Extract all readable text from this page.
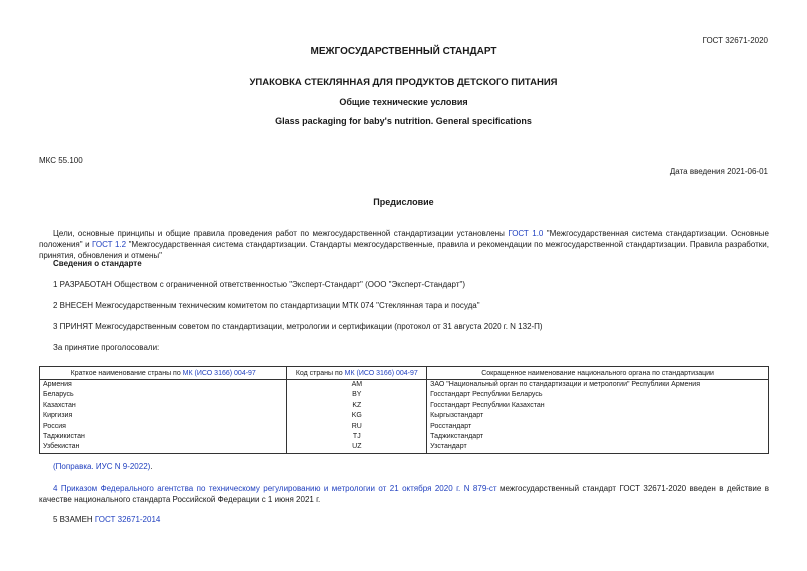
ГОСТ 32671-2020
МЕЖГОСУДАРСТВЕННЫЙ СТАНДАРТ
УПАКОВКА СТЕКЛЯННАЯ ДЛЯ ПРОДУКТОВ ДЕТСКОГО ПИТАНИЯ
Общие технические условия
Glass packaging for baby's nutrition. General specifications
МКС 55.100
Дата введения 2021-06-01
Предисловие
Цели, основные принципы и общие правила проведения работ по межгосударственной стандартизации установлены ГОСТ 1.0 "Межгосударственная система стандартизации. Основные положения" и ГОСТ 1.2 "Межгосударственная система стандартизации. Стандарты межгосударственные, правила и рекомендации по межгосударственной стандартизации. Правила разработки, принятия, обновления и отмены"
Сведения о стандарте
1 РАЗРАБОТАН Обществом с ограниченной ответственностью "Эксперт-Стандарт" (ООО "Эксперт-Стандарт")
2 ВНЕСЕН Межгосударственным техническим комитетом по стандартизации МТК 074 "Стеклянная тара и посуда"
3 ПРИНЯТ Межгосударственным советом по стандартизации, метрологии и сертификации (протокол от 31 августа 2020 г. N 132-П)
За принятие проголосовали:
Краткое наименование страны по МК (ИСО 3166) 004-97	Код страны по МК (ИСО 3166) 004-97	Сокращенное наименование национального органа по стандартизации
Армения	AM	ЗАО "Национальный орган по стандартизации и метрологии" Республики Армения
Беларусь	BY	Госстандарт Республики Беларусь
Казахстан	KZ	Госстандарт Республики Казахстан
Киргизия	KG	Кыргызстандарт
Россия	RU	Росстандарт
Таджикистан	TJ	Таджикстандарт
Узбекистан	UZ	Узстандарт
(Поправка. ИУС N 9-2022).
4 Приказом Федерального агентства по техническому регулированию и метрологии от 21 октября 2020 г. N 879-ст межгосударственный стандарт ГОСТ 32671-2020 введен в действие в качестве национального стандарта Российской Федерации с 1 июня 2021 г.
5 ВЗАМЕН ГОСТ 32671-2014
